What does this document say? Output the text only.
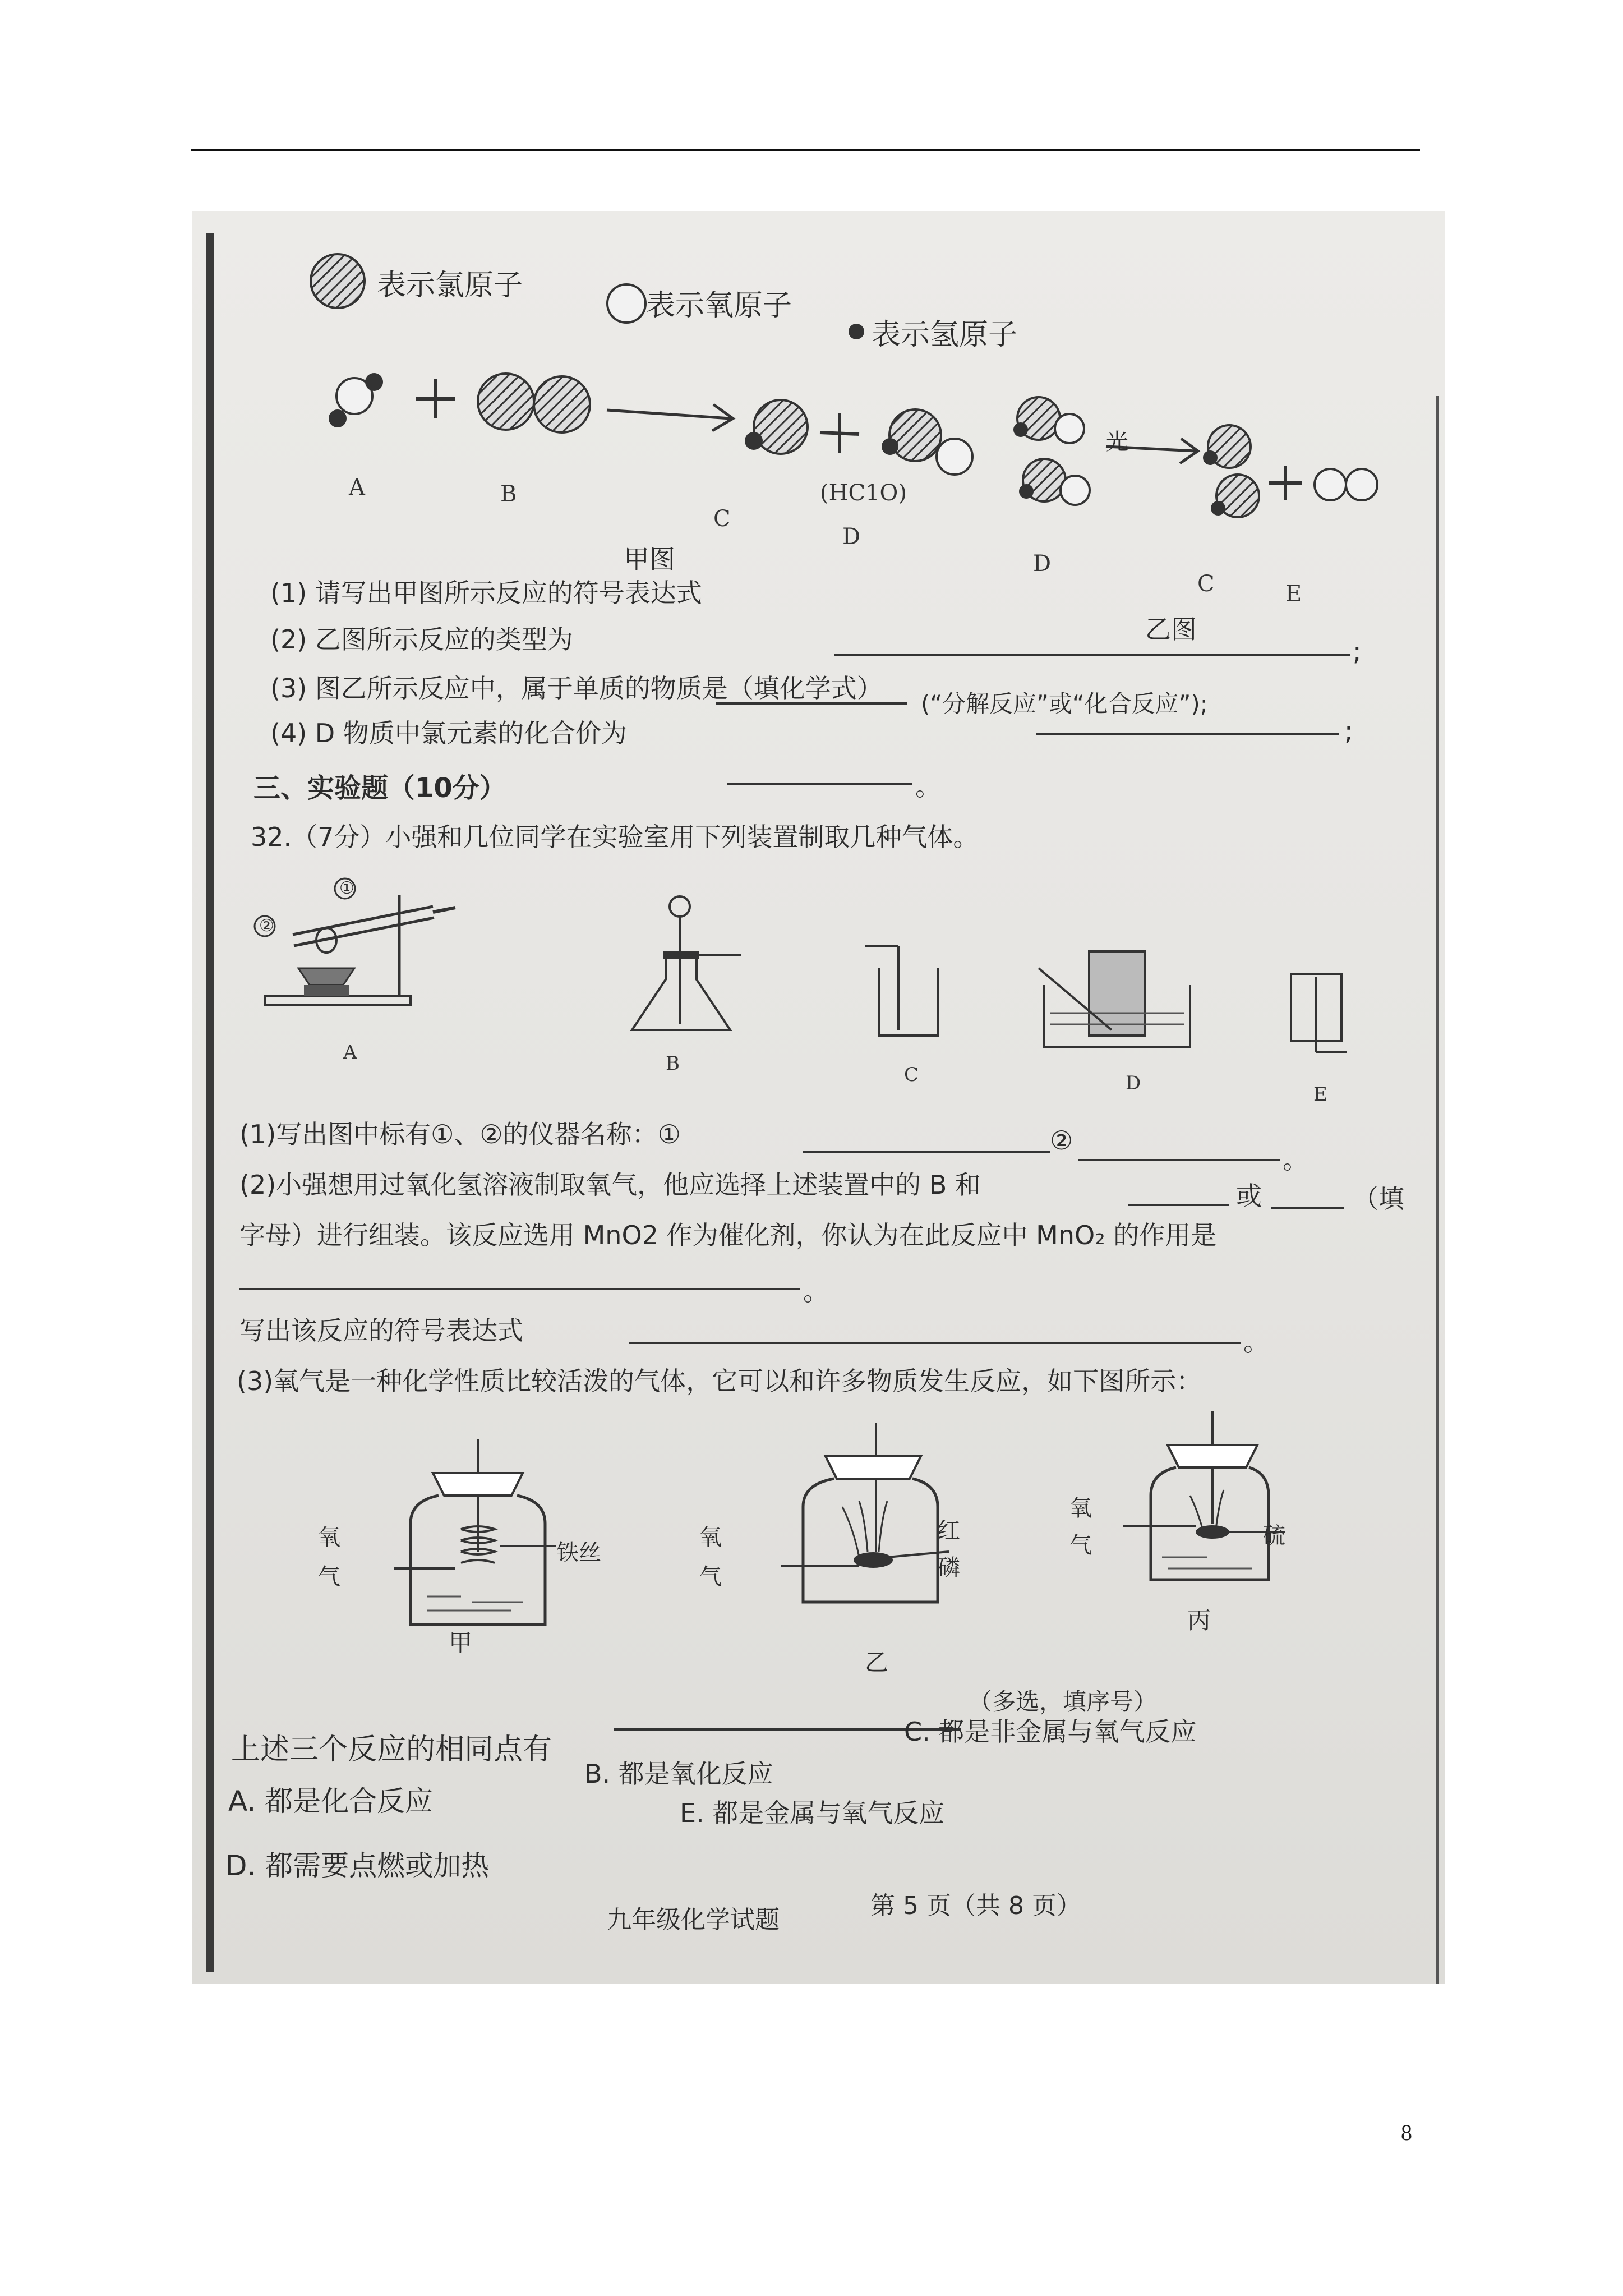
表示氯原子
表示氧原子
表示氢原子
A	B
C
(HC1O)
D
甲图
光
D
C	E
乙图
(1) 请写出甲图所示反应的符号表达式
;
(2) 乙图所示反应的类型为
(“分解反应”或“化合反应”);
(3) 图乙所示反应中，属于单质的物质是（填化学式）
;
(4) D 物质中氯元素的化合价为
。
三、实验题（10分）
32.（7分）小强和几位同学在实验室用下列装置制取几种气体。
①
②
A	B	C	D	E
(1)写出图中标有①、②的仪器名称：①	②
。
(2)小强想用过氧化氢溶液制取氧气，他应选择上述装置中的 B 和	或	（填
字母）进行组装。该反应选用 MnO2 作为催化剂，你认为在此反应中 MnO₂ 的作用是
。
写出该反应的符号表达式	。
(3)氧气是一种化学性质比较活泼的气体，它可以和许多物质发生反应，如下图所示：
氧气
铁丝
甲
氧气
红磷
乙
氧气	硫
丙
（多选，填序号）
上述三个反应的相同点有
C. 都是非金属与氧气反应
B. 都是氧化反应
A. 都是化合反应	E. 都是金属与氧气反应
D. 都需要点燃或加热
九年级化学试题	第 5 页（共 8 页）
8
